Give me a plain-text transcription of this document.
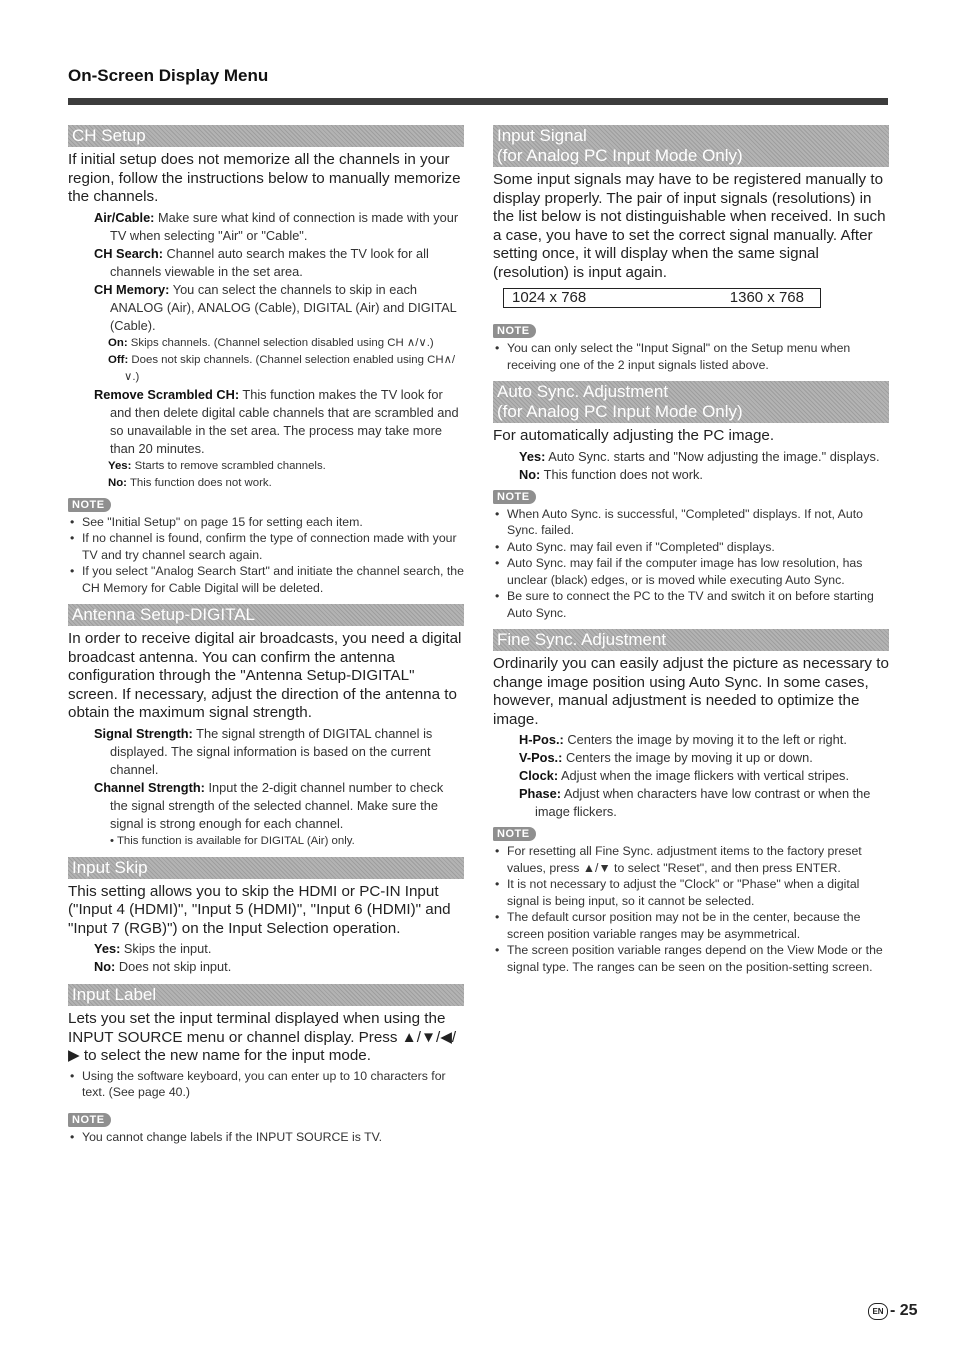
On-Screen Display Menu
CH Setup

If initial setup does not memorize all the channels in your region, follow the instructions below to manually memorize the channels.

Air/Cable: Make sure what kind of connection is made with your TV when selecting "Air" or "Cable".
CH Search: Channel auto search makes the TV look for all channels viewable in the set area.
CH Memory: You can select the channels to skip in each ANALOG (Air), ANALOG (Cable), DIGITAL (Air) and DIGITAL (Cable).
On: Skips channels. (Channel selection disabled using CH ∧/∨.)
Off: Does not skip channels. (Channel selection enabled using CH∧/∨.)
Remove Scrambled CH: This function makes the TV look for and then delete digital cable channels that are scrambled and so unavailable in the set area. The process may take more than 20 minutes.
Yes: Starts to remove scrambled channels.
No: This function does not work.
NOTE
• See "Initial Setup" on page 15 for setting each item.
• If no channel is found, confirm the type of connection made with your TV and try channel search again.
• If you select "Analog Search Start" and initiate the channel search, the CH Memory for Cable Digital will be deleted.
Antenna Setup-DIGITAL

In order to receive digital air broadcasts, you need a digital broadcast antenna. You can confirm the antenna configuration through the "Antenna Setup-DIGITAL" screen. If necessary, adjust the direction of the antenna to obtain the maximum signal strength.

Signal Strength: The signal strength of DIGITAL channel is displayed. The signal information is based on the current channel.
Channel Strength: Input the 2-digit channel number to check the signal strength of the selected channel. Make sure the signal is strong enough for each channel.
• This function is available for DIGITAL (Air) only.
Input Skip

This setting allows you to skip the HDMI or PC-IN Input ("Input 4 (HDMI)", "Input 5 (HDMI)", "Input 6 (HDMI)" and "Input 7 (RGB)") on the Input Selection operation.

Yes: Skips the input.
No: Does not skip input.
Input Label

Lets you set the input terminal displayed when using the INPUT SOURCE menu or channel display. Press ▲/▼/◀/▶ to select the new name for the input mode.

• Using the software keyboard, you can enter up to 10 characters for text. (See page 40.)
NOTE
• You cannot change labels if the INPUT SOURCE is TV.
Input Signal
(for Analog PC Input Mode Only)

Some input signals may have to be registered manually to display properly. The pair of input signals (resolutions) in the list below is not distinguishable when received. In such a case, you have to set the correct signal manually. After setting once, it will display when the same signal (resolution) is input again.

1024 x 768	1360 x 768
NOTE
• You can only select the "Input Signal" on the Setup menu when receiving one of the 2 input signals listed above.
Auto Sync. Adjustment
(for Analog PC Input Mode Only)

For automatically adjusting the PC image.

Yes: Auto Sync. starts and "Now adjusting the image." displays.
No: This function does not work.
NOTE
• When Auto Sync. is successful, "Completed" displays. If not, Auto Sync. failed.
• Auto Sync. may fail even if "Completed" displays.
• Auto Sync. may fail if the computer image has low resolution, has unclear (black) edges, or is moved while executing Auto Sync.
• Be sure to connect the PC to the TV and switch it on before starting Auto Sync.
Fine Sync. Adjustment

Ordinarily you can easily adjust the picture as necessary to change image position using Auto Sync. In some cases, however, manual adjustment is needed to optimize the image.

H-Pos.: Centers the image by moving it to the left or right.
V-Pos.: Centers the image by moving it up or down.
Clock: Adjust when the image flickers with vertical stripes.
Phase: Adjust when characters have low contrast or when the image flickers.
NOTE
• For resetting all Fine Sync. adjustment items to the factory preset values, press ▲/▼ to select "Reset", and then press ENTER.
• It is not necessary to adjust the "Clock" or "Phase" when a digital signal is being input, so it cannot be selected.
• The default cursor position may not be in the center, because the screen position variable ranges may be asymmetrical.
• The screen position variable ranges depend on the View Mode or the signal type. The ranges can be seen on the position-setting screen.
EN - 25
